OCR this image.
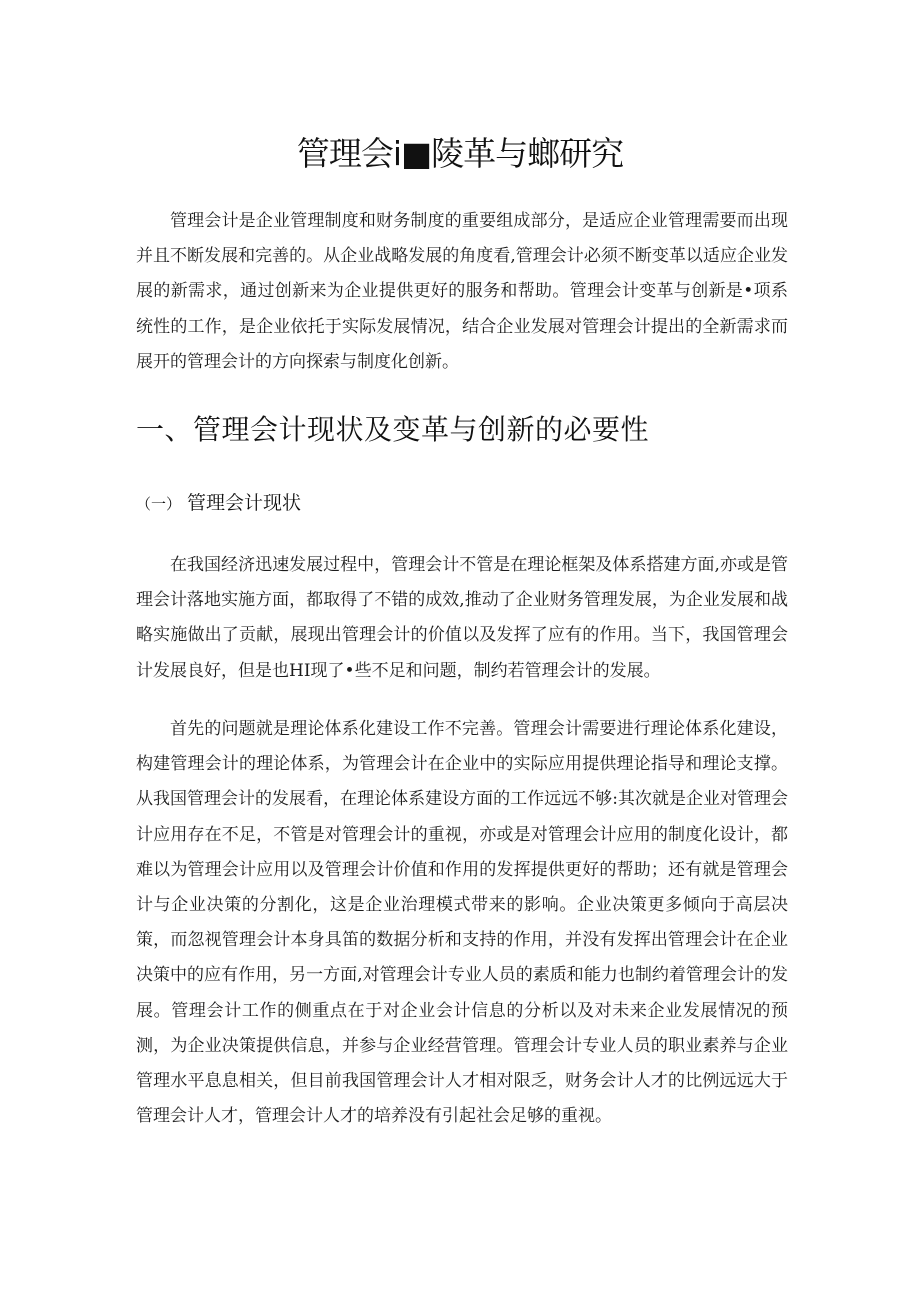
管理会i■陵革与螂研究

管理会计是企业管理制度和财务制度的重要组成部分，是适应企业管理需要而出现并且不断发展和完善的。从企业战略发展的角度看,管理会计必须不断变革以适应企业发展的新需求，通过创新来为企业提供更好的服务和帮助。管理会计变革与创新是•项系统性的工作，是企业依托于实际发展情况，结合企业发展对管理会计提出的全新需求而展开的管理会计的方向探索与制度化创新。

一、管理会计现状及变革与创新的必要性
（一） 管理会计现状

在我国经济迅速发展过程中，管理会计不管是在理论框架及体系搭建方面,亦或是管理会计落地实施方面，都取得了不错的成效,推动了企业财务管理发展，为企业发展和战略实施做出了贡献，展现出管理会计的价值以及发挥了应有的作用。当下，我国管理会计发展良好，但是也HI现了•些不足和问题，制约若管理会计的发展。

首先的问题就是理论体系化建设工作不完善。管理会计需要进行理论体系化建设，构建管理会计的理论体系，为管理会计在企业中的实际应用提供理论指导和理论支撑。从我国管理会计的发展看，在理论体系建设方面的工作远远不够:其次就是企业对管理会计应用存在不足，不管是对管理会计的重视，亦或是对管理会计应用的制度化设计，都难以为管理会计应用以及管理会计价值和作用的发挥提供更好的帮助；还有就是管理会计与企业决策的分割化，这是企业治理模式带来的影响。企业决策更多倾向于高层决策，而忽视管理会计本身具笛的数据分析和支持的作用，并没有发挥出管理会计在企业决策中的应有作用，另一方面,对管理会计专业人员的素质和能力也制约着管理会计的发展。管理会计工作的侧重点在于对企业会计信息的分析以及对未来企业发展情况的预测，为企业决策提供信息，并参与企业经营管理。管理会计专业人员的职业素养与企业管理水平息息相关，但目前我国管理会计人才相对限乏，财务会计人才的比例远远大于管理会计人才，管理会计人才的培养没有引起社会足够的重视。
